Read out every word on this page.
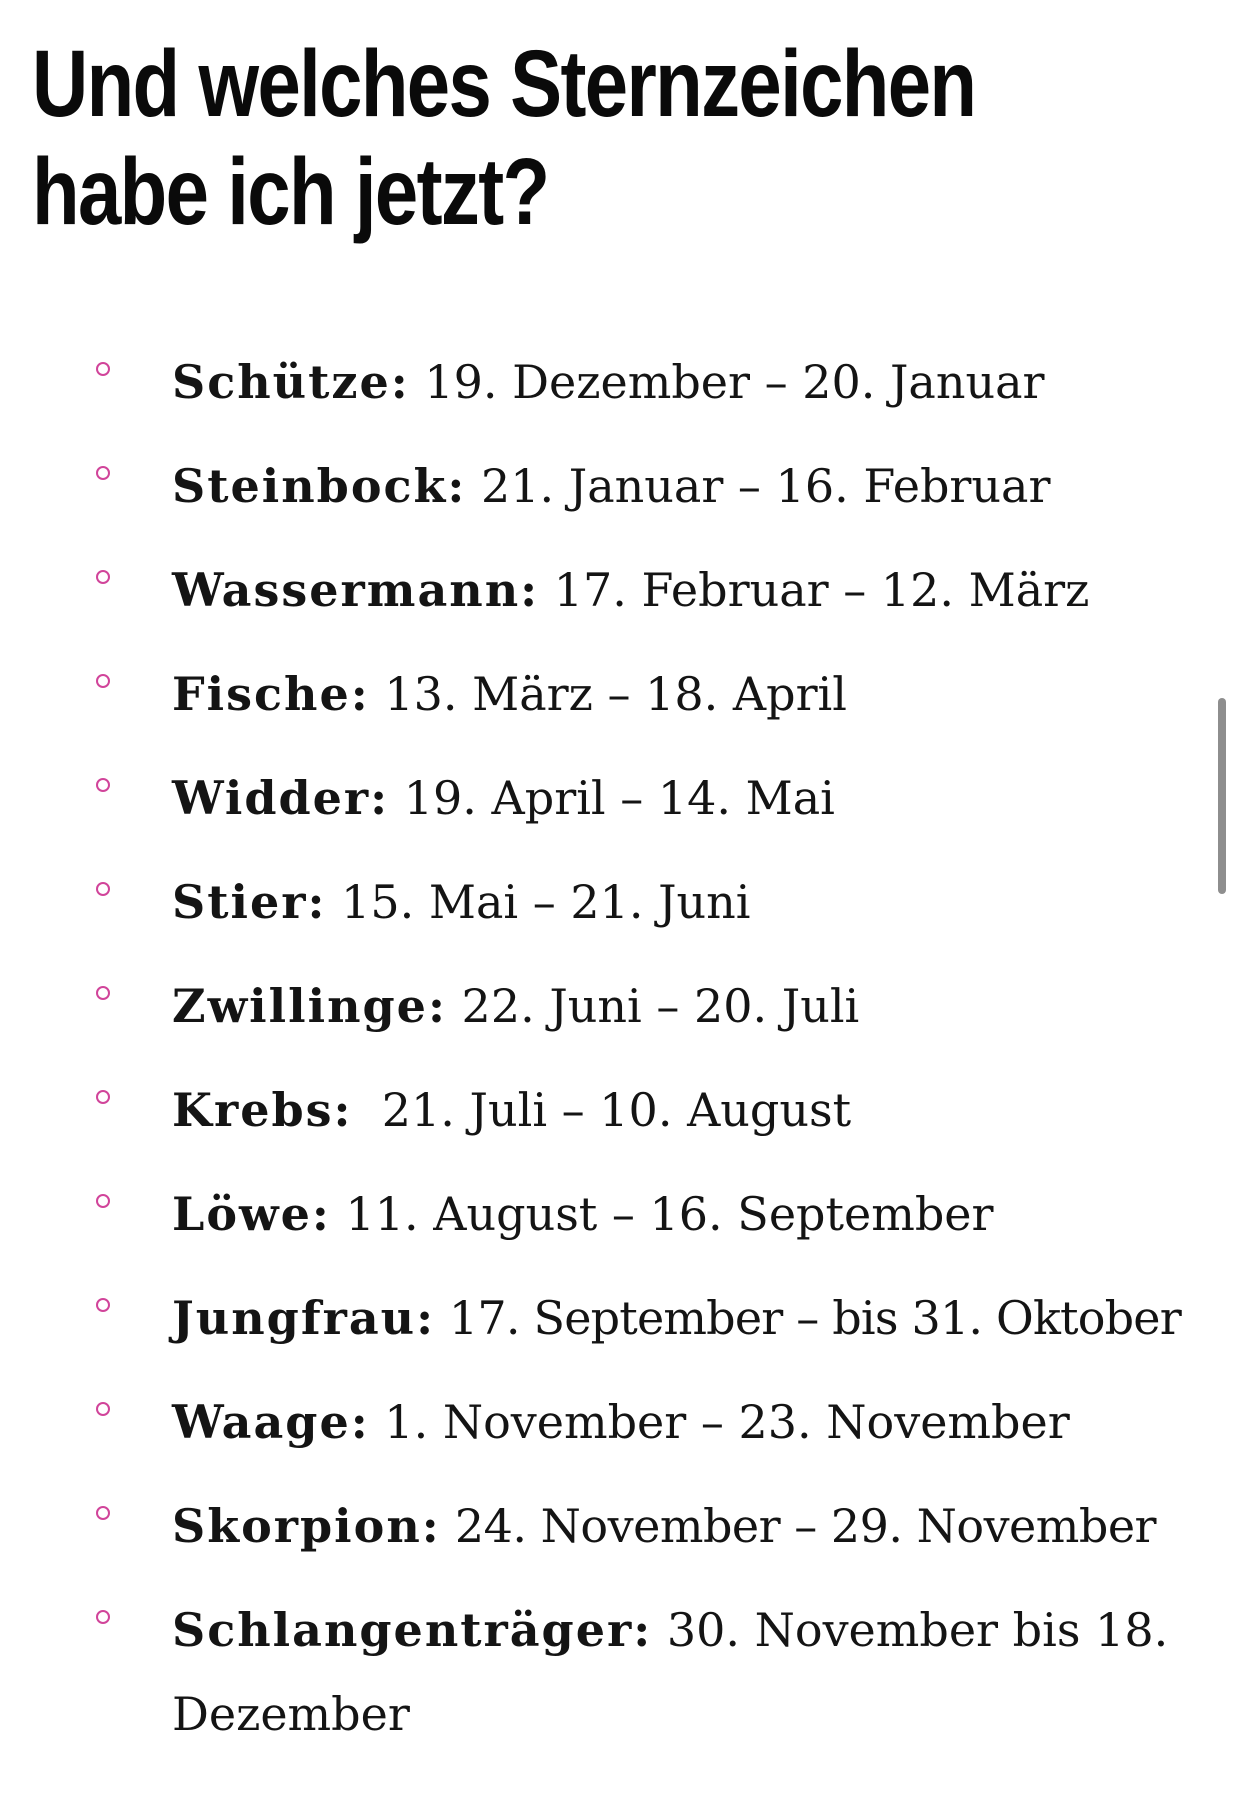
Und welches Sternzeichen
habe ich jetzt?
Schütze: 19. Dezember – 20. Januar
Steinbock: 21. Januar – 16. Februar
Wassermann: 17. Februar – 12. März
Fische: 13. März – 18. April
Widder: 19. April – 14. Mai
Stier: 15. Mai – 21. Juni
Zwillinge: 22. Juni – 20. Juli
Krebs:  21. Juli – 10. August
Löwe: 11. August – 16. September
Jungfrau: 17. September – bis 31. Oktober
Waage: 1. November – 23. November
Skorpion: 24. November – 29. November
Schlangenträger: 30. November bis 18. Dezember
